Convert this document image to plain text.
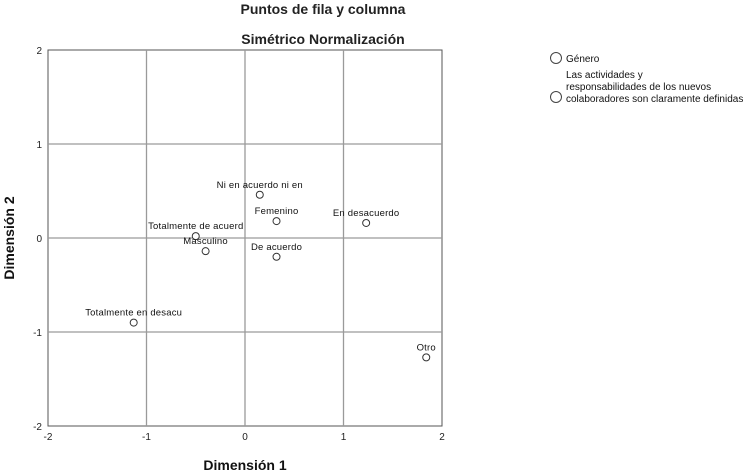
Puntos de fila y columna
Simétrico Normalización
-2	-1	0	1	2
2
1
0
-1
-2
Ni en acuerdo ni en
Femenino	En desacuerdo
Totalmente de acuerd
De acuerdo
Masculino
Totalmente en desacu
Otro
Dimensión 1
Dimensión 2
Género
Las actividades y responsabilidades de los nuevos colaboradores son claramente definidas
